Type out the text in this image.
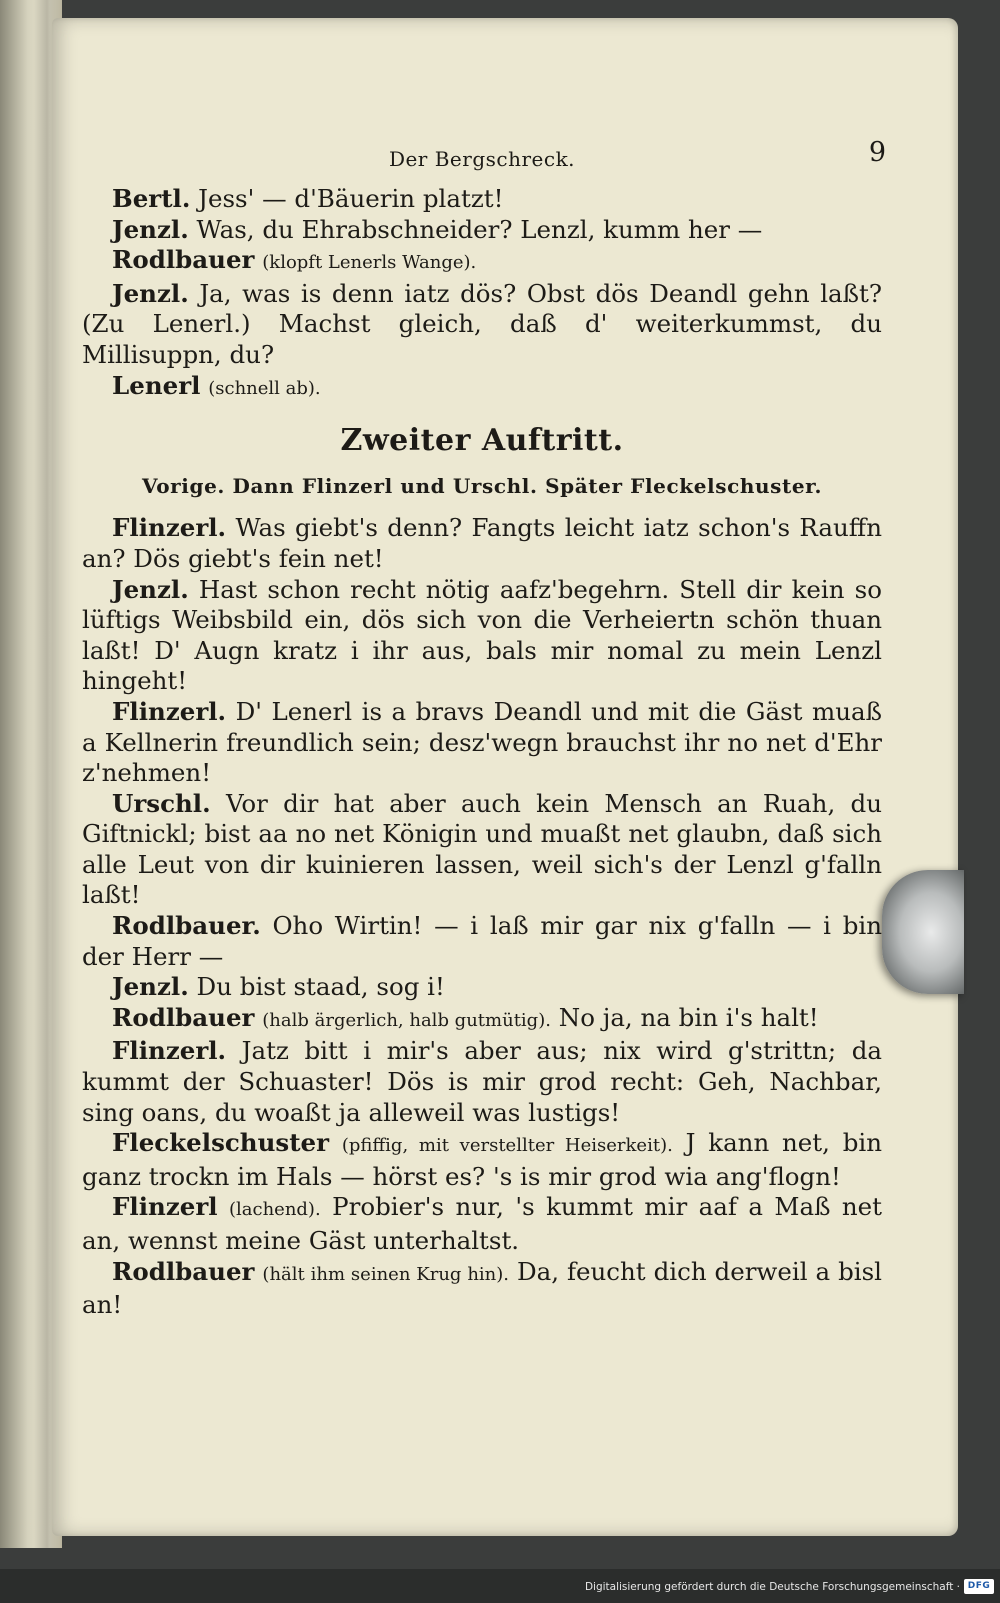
Der Bergschreck.	9

Bertl. Jess' — d'Bäuerin platzt!

Jenzl. Was, du Ehrabschneider? Lenzl, kumm her —

Rodlbauer (klopft Lenerls Wange).

Jenzl. Ja, was is denn iatz dös? Obst dös Deandl gehn laßt? (Zu Lenerl.) Machst gleich, daß d' weiterkummst, du Millisuppn, du?

Lenerl (schnell ab).

Zweiter Auftritt.
Vorige. Dann Flinzerl und Urschl. Später Fleckelschuster.

Flinzerl. Was giebt's denn? Fangts leicht iatz schon's Rauffn an? Dös giebt's fein net!

Jenzl. Hast schon recht nötig aafz'begehrn. Stell dir kein so lüftigs Weibsbild ein, dös sich von die Verheiertn schön thuan laßt! D' Augn kratz i ihr aus, bals mir nomal zu mein Lenzl hingeht!

Flinzerl. D' Lenerl is a bravs Deandl und mit die Gäst muaß a Kellnerin freundlich sein; desz'wegn brauchst ihr no net d'Ehr z'nehmen!

Urschl. Vor dir hat aber auch kein Mensch an Ruah, du Giftnickl; bist aa no net Königin und muaßt net glaubn, daß sich alle Leut von dir kuinieren lassen, weil sich's der Lenzl g'falln laßt!

Rodlbauer. Oho Wirtin! — i laß mir gar nix g'falln — i bin der Herr —

Jenzl. Du bist staad, sog i!

Rodlbauer (halb ärgerlich, halb gutmütig). No ja, na bin i's halt!

Flinzerl. Jatz bitt i mir's aber aus; nix wird g'strittn; da kummt der Schuaster! Dös is mir grod recht: Geh, Nachbar, sing oans, du woaßt ja alleweil was lustigs!

Fleckelschuster (pfiffig, mit verstellter Heiserkeit). J kann net, bin ganz trockn im Hals — hörst es? 's is mir grod wia ang'flogn!

Flinzerl (lachend). Probier's nur, 's kummt mir aaf a Maß net an, wennst meine Gäst unterhaltst.

Rodlbauer (hält ihm seinen Krug hin). Da, feucht dich derweil a bisl an!

Digitalisierung gefördert durch die Deutsche Forschungsgemeinschaft · DFG
